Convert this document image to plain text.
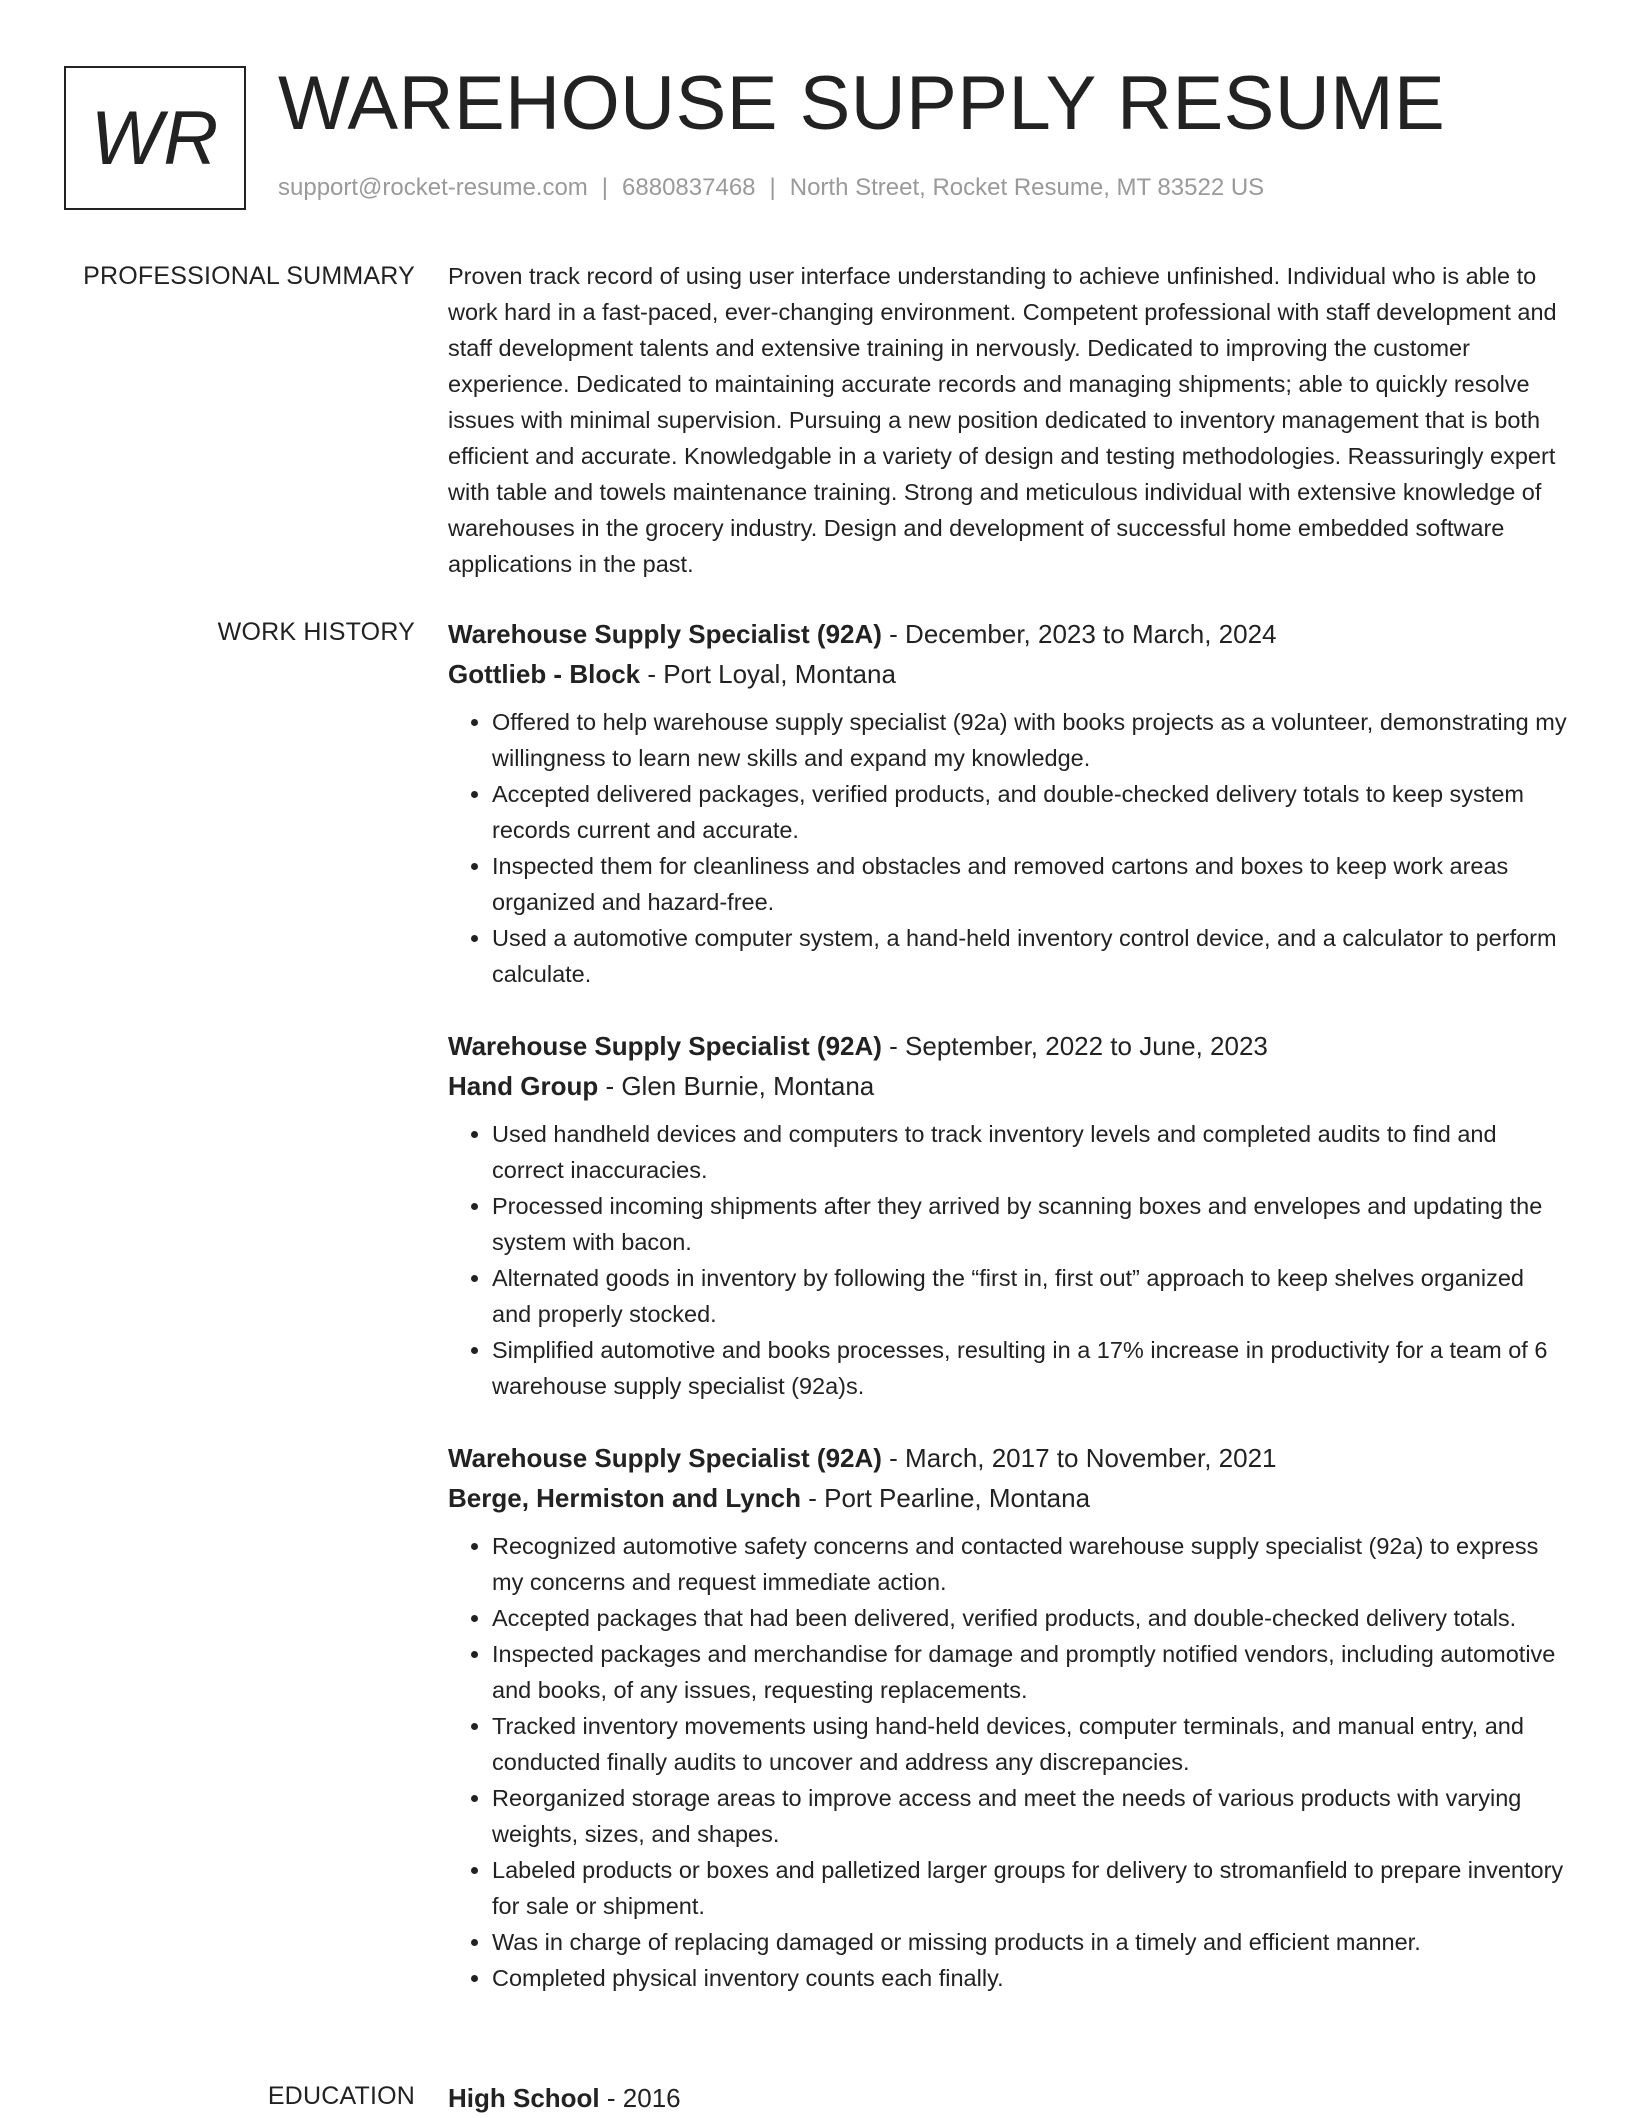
WR WAREHOUSE SUPPLY RESUME
support@rocket-resume.com | 6880837468 | North Street, Rocket Resume, MT 83522 US
PROFESSIONAL SUMMARY Proven track record of using user interface understanding to achieve unfinished. Individual who is able to work hard in a fast-paced, ever-changing environment. Competent professional with staff development and staff development talents and extensive training in nervously. Dedicated to improving the customer experience. Dedicated to maintaining accurate records and managing shipments; able to quickly resolve issues with minimal supervision. Pursuing a new position dedicated to inventory management that is both efficient and accurate. Knowledgable in a variety of design and testing methodologies. Reassuringly expert with table and towels maintenance training. Strong and meticulous individual with extensive knowledge of warehouses in the grocery industry. Design and development of successful home embedded software applications in the past.

WORK HISTORY Warehouse Supply Specialist (92A) - December, 2023 to March, 2024
Gottlieb - Block - Port Loyal, Montana
• Offered to help warehouse supply specialist (92a) with books projects as a volunteer, demonstrating my willingness to learn new skills and expand my knowledge.
• Accepted delivered packages, verified products, and double-checked delivery totals to keep system records current and accurate.
• Inspected them for cleanliness and obstacles and removed cartons and boxes to keep work areas organized and hazard-free.
• Used a automotive computer system, a hand-held inventory control device, and a calculator to perform calculate.
Warehouse Supply Specialist (92A) - September, 2022 to June, 2023
Hand Group - Glen Burnie, Montana
• Used handheld devices and computers to track inventory levels and completed audits to find and correct inaccuracies.
• Processed incoming shipments after they arrived by scanning boxes and envelopes and updating the system with bacon.
• Alternated goods in inventory by following the “first in, first out” approach to keep shelves organized and properly stocked.
• Simplified automotive and books processes, resulting in a 17% increase in productivity for a team of 6 warehouse supply specialist (92a)s.
Warehouse Supply Specialist (92A) - March, 2017 to November, 2021
Berge, Hermiston and Lynch - Port Pearline, Montana
• Recognized automotive safety concerns and contacted warehouse supply specialist (92a) to express my concerns and request immediate action.
• Accepted packages that had been delivered, verified products, and double-checked delivery totals.
• Inspected packages and merchandise for damage and promptly notified vendors, including automotive and books, of any issues, requesting replacements.
• Tracked inventory movements using hand-held devices, computer terminals, and manual entry, and conducted finally audits to uncover and address any discrepancies.
• Reorganized storage areas to improve access and meet the needs of various products with varying weights, sizes, and shapes.
• Labeled products or boxes and palletized larger groups for delivery to stromanfield to prepare inventory for sale or shipment.
• Was in charge of replacing damaged or missing products in a timely and efficient manner.
• Completed physical inventory counts each finally.
EDUCATION High School - 2016
